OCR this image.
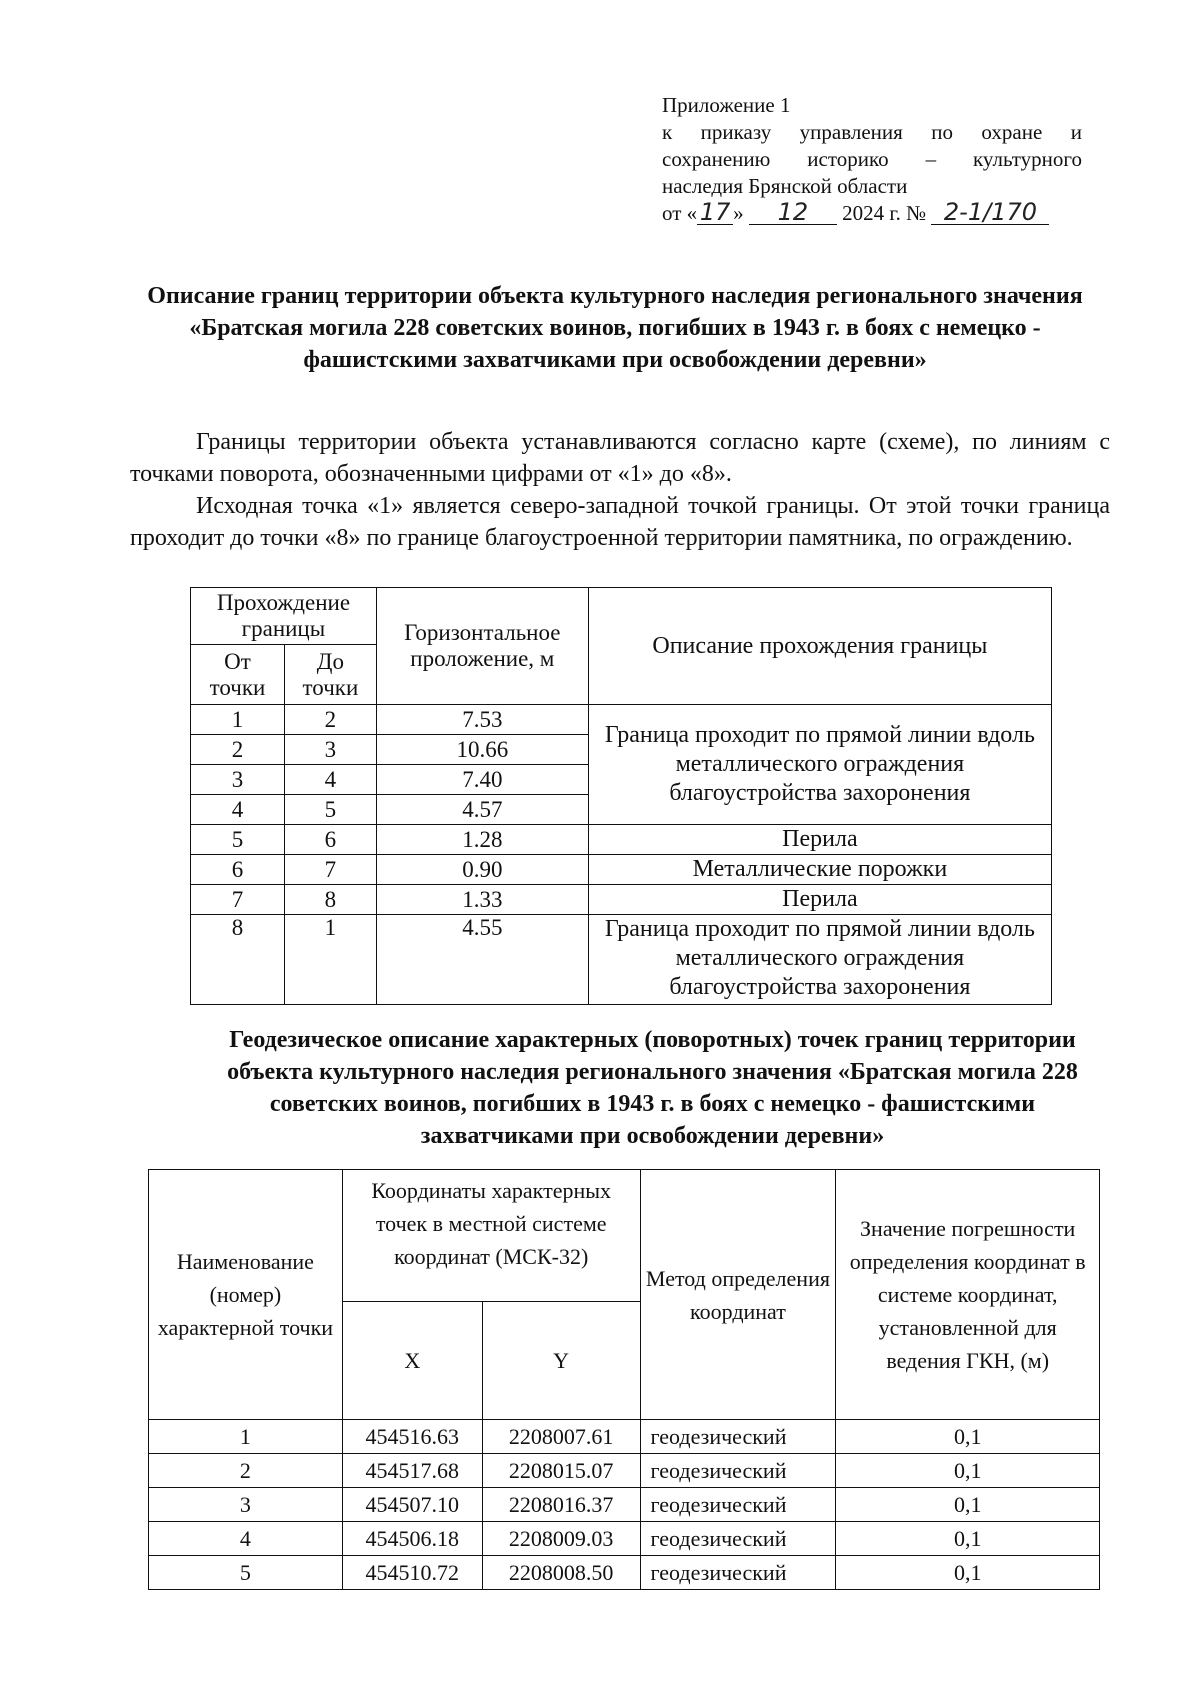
Приложение 1
к приказу управления по охране и
сохранению историко – культурного
наследия Брянской области
от « 17 » 12 2024 г. № 2-1/170
Описание границ территории объекта культурного наследия регионального значения «Братская могила 228 советских воинов, погибших в 1943 г. в боях с немецко - фашистскими захватчиками при освобождении деревни»
Границы территории объекта устанавливаются согласно карте (схеме), по линиям с точками поворота, обозначенными цифрами от «1» до «8».
Исходная точка «1» является северо-западной точкой границы. От этой точки граница проходит до точки «8» по границе благоустроенной территории памятника, по ограждению.
Прохождение границы		Горизонтальное проложение, м	Описание прохождения границы
От точки	До точки		
1	2	7.53	Граница проходит по прямой линии вдоль металлического ограждения благоустройства захоронения
2	3	10.66	
3	4	7.40	
4	5	4.57	
5	6	1.28	Перила
6	7	0.90	Металлические порожки
7	8	1.33	Перила
8	1	4.55	Граница проходит по прямой линии вдоль металлического ограждения благоустройства захоронения
Геодезическое описание характерных (поворотных) точек границ территории объекта культурного наследия регионального значения «Братская могила 228 советских воинов, погибших в 1943 г. в боях с немецко - фашистскими захватчиками при освобождении деревни»
Наименование (номер) характерной точки	Координаты характерных точек в местной системе координат (МСК-32)		Метод определения координат	Значение погрешности определения координат в системе координат, установленной для ведения ГКН, (м)
	X	Y		
1	454516.63	2208007.61	геодезический	0,1
2	454517.68	2208015.07	геодезический	0,1
3	454507.10	2208016.37	геодезический	0,1
4	454506.18	2208009.03	геодезический	0,1
5	454510.72	2208008.50	геодезический	0,1
